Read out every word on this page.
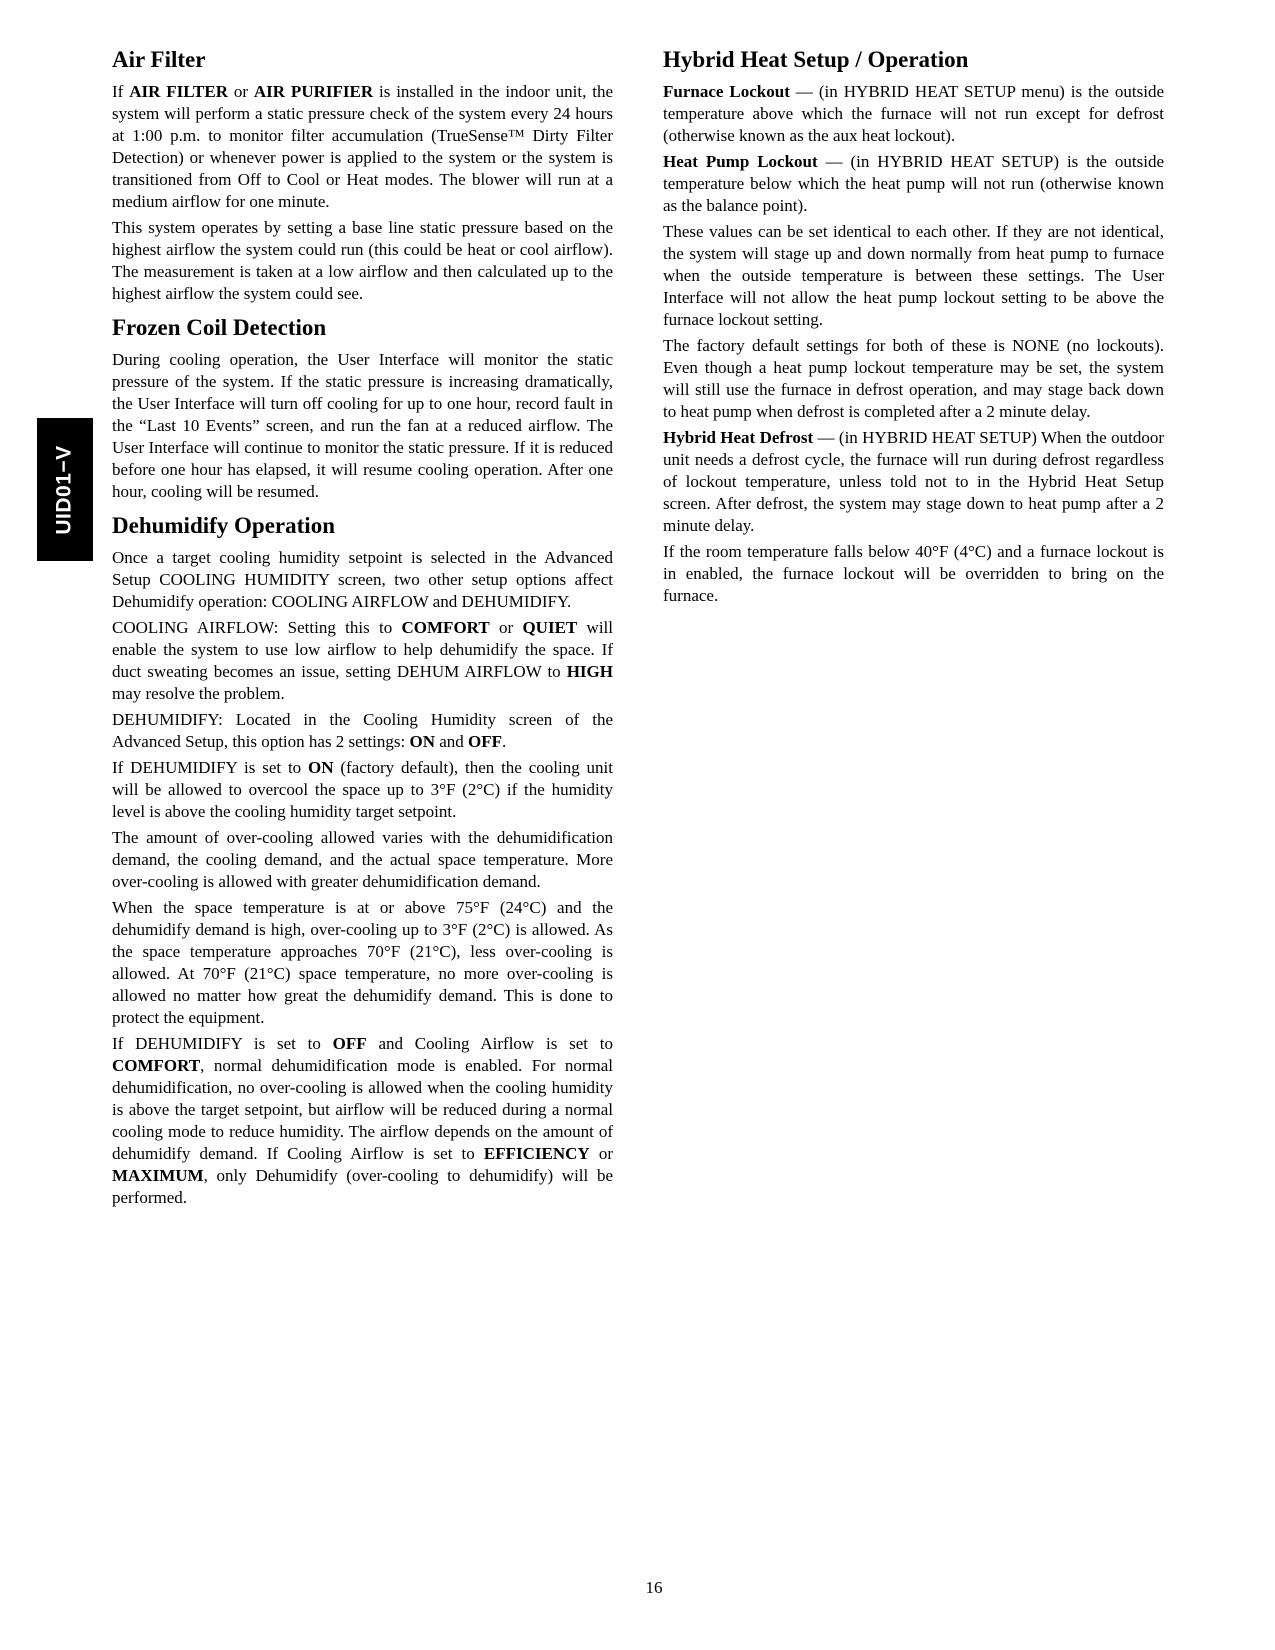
UID01−V
Air Filter

If AIR FILTER or AIR PURIFIER is installed in the indoor unit, the system will perform a static pressure check of the system every 24 hours at 1:00 p.m. to monitor filter accumulation (TrueSense™ Dirty Filter Detection) or whenever power is applied to the system or the system is transitioned from Off to Cool or Heat modes. The blower will run at a medium airflow for one minute.

This system operates by setting a base line static pressure based on the highest airflow the system could run (this could be heat or cool airflow). The measurement is taken at a low airflow and then calculated up to the highest airflow the system could see.

Frozen Coil Detection

During cooling operation, the User Interface will monitor the static pressure of the system. If the static pressure is increasing dramatically, the User Interface will turn off cooling for up to one hour, record fault in the “Last 10 Events” screen, and run the fan at a reduced airflow. The User Interface will continue to monitor the static pressure. If it is reduced before one hour has elapsed, it will resume cooling operation. After one hour, cooling will be resumed.

Dehumidify Operation

Once a target cooling humidity setpoint is selected in the Advanced Setup COOLING HUMIDITY screen, two other setup options affect Dehumidify operation: COOLING AIRFLOW and DEHUMIDIFY.

COOLING AIRFLOW: Setting this to COMFORT or QUIET will enable the system to use low airflow to help dehumidify the space. If duct sweating becomes an issue, setting DEHUM AIRFLOW to HIGH may resolve the problem.

DEHUMIDIFY: Located in the Cooling Humidity screen of the Advanced Setup, this option has 2 settings: ON and OFF.

If DEHUMIDIFY is set to ON (factory default), then the cooling unit will be allowed to overcool the space up to 3°F (2°C) if the humidity level is above the cooling humidity target setpoint.

The amount of over-cooling allowed varies with the dehumidification demand, the cooling demand, and the actual space temperature. More over-cooling is allowed with greater dehumidification demand.

When the space temperature is at or above 75°F (24°C) and the dehumidify demand is high, over-cooling up to 3°F (2°C) is allowed. As the space temperature approaches 70°F (21°C), less over-cooling is allowed. At 70°F (21°C) space temperature, no more over-cooling is allowed no matter how great the dehumidify demand. This is done to protect the equipment.

If DEHUMIDIFY is set to OFF and Cooling Airflow is set to COMFORT, normal dehumidification mode is enabled. For normal dehumidification, no over-cooling is allowed when the cooling humidity is above the target setpoint, but airflow will be reduced during a normal cooling mode to reduce humidity. The airflow depends on the amount of dehumidify demand. If Cooling Airflow is set to EFFICIENCY or MAXIMUM, only Dehumidify (over-cooling to dehumidify) will be performed.

Hybrid Heat Setup / Operation

Furnace Lockout — (in HYBRID HEAT SETUP menu) is the outside temperature above which the furnace will not run except for defrost (otherwise known as the aux heat lockout).

Heat Pump Lockout — (in HYBRID HEAT SETUP) is the outside temperature below which the heat pump will not run (otherwise known as the balance point).

These values can be set identical to each other. If they are not identical, the system will stage up and down normally from heat pump to furnace when the outside temperature is between these settings. The User Interface will not allow the heat pump lockout setting to be above the furnace lockout setting.

The factory default settings for both of these is NONE (no lockouts). Even though a heat pump lockout temperature may be set, the system will still use the furnace in defrost operation, and may stage back down to heat pump when defrost is completed after a 2 minute delay.

Hybrid Heat Defrost — (in HYBRID HEAT SETUP) When the outdoor unit needs a defrost cycle, the furnace will run during defrost regardless of lockout temperature, unless told not to in the Hybrid Heat Setup screen. After defrost, the system may stage down to heat pump after a 2 minute delay.

If the room temperature falls below 40°F (4°C) and a furnace lockout is in enabled, the furnace lockout will be overridden to bring on the furnace.

16
